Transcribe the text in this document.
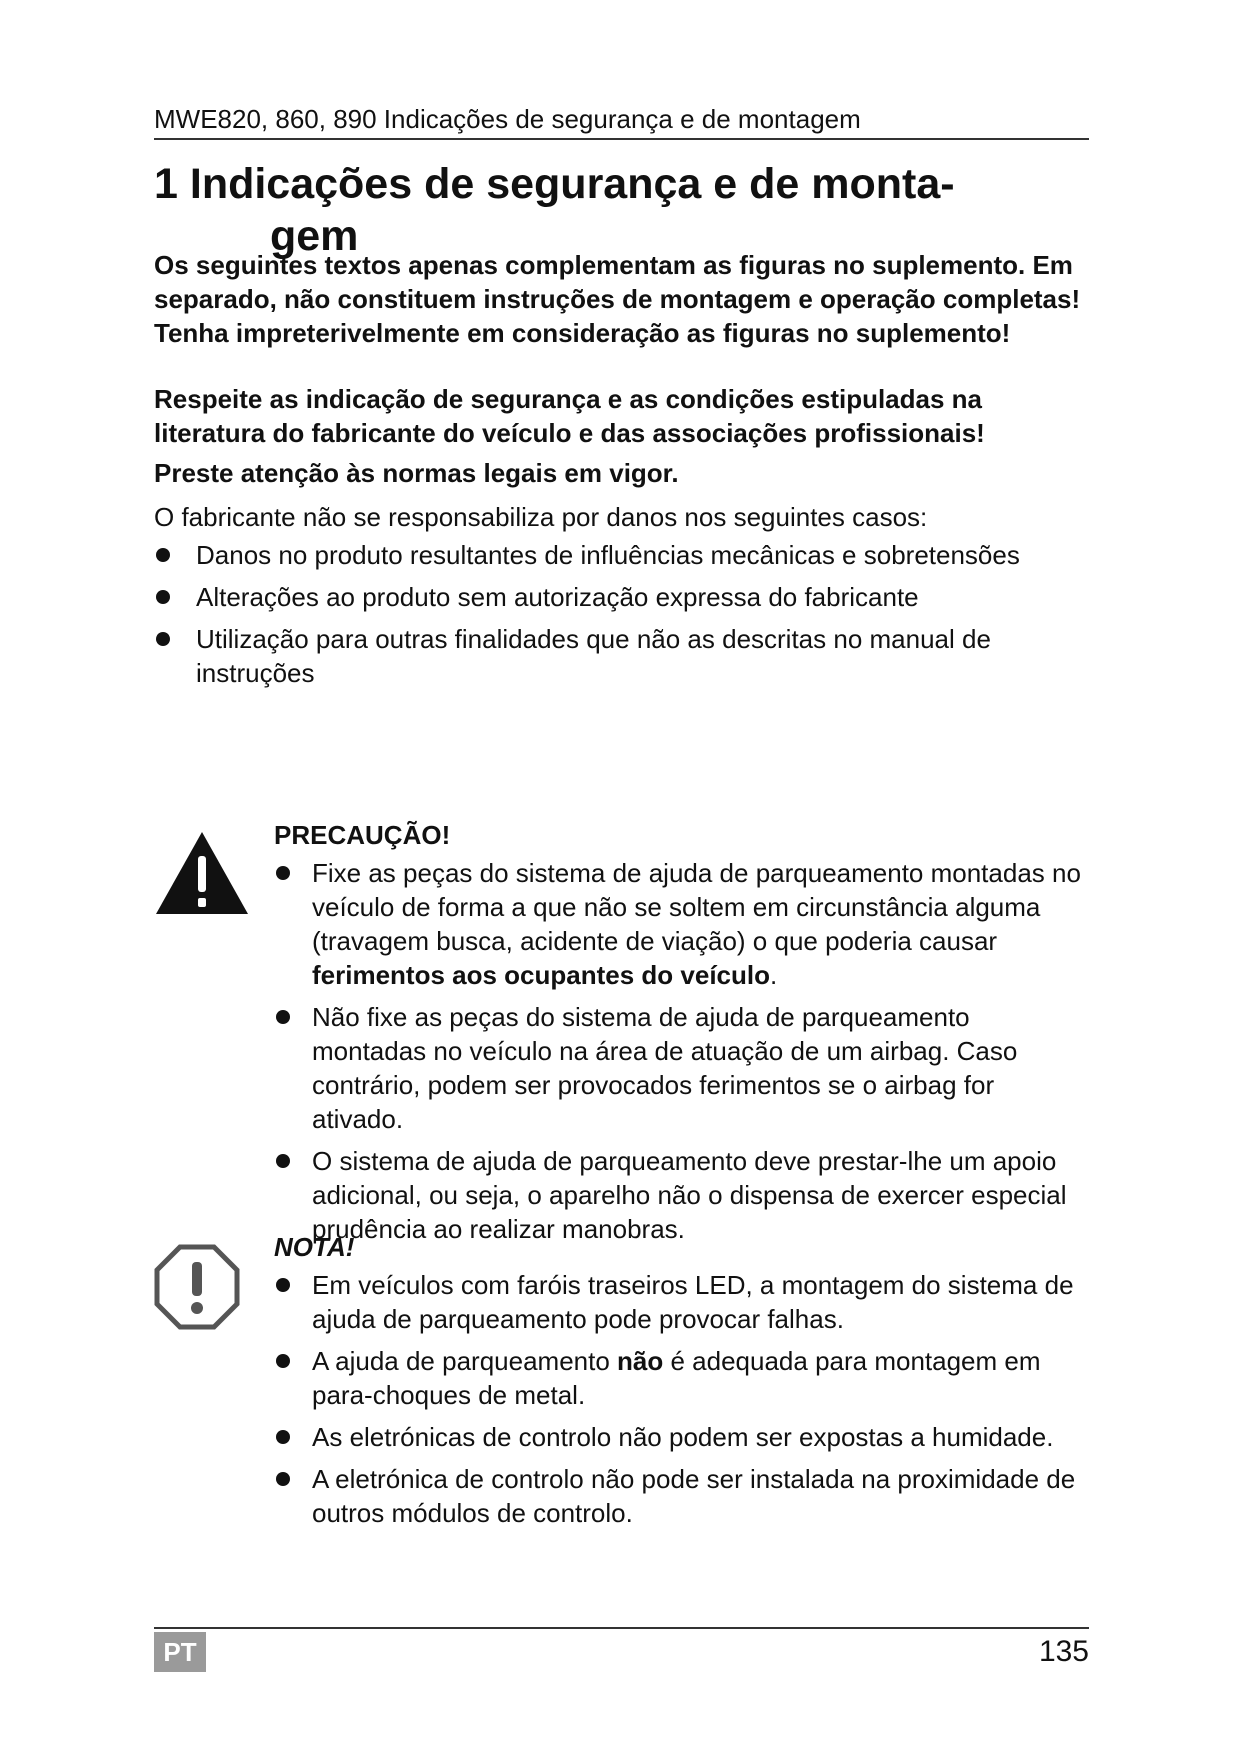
MWE820, 860, 890 Indicações de segurança e de montagem
1 Indicações de segurança e de monta-
gem
Os seguintes textos apenas complementam as figuras no suplemento. Em separado, não constituem instruções de montagem e operação completas! Tenha impreterivelmente em consideração as figuras no suplemento!
Respeite as indicação de segurança e as condições estipuladas na literatura do fabricante do veículo e das associações profissionais!
Preste atenção às normas legais em vigor.
O fabricante não se responsabiliza por danos nos seguintes casos:
Danos no produto resultantes de influências mecânicas e sobretensões
Alterações ao produto sem autorização expressa do fabricante
Utilização para outras finalidades que não as descritas no manual de instruções
PRECAUÇÃO!
Fixe as peças do sistema de ajuda de parqueamento montadas no veículo de forma a que não se soltem em circunstância alguma (travagem busca, acidente de viação) o que poderia causar ferimentos aos ocupantes do veículo.
Não fixe as peças do sistema de ajuda de parqueamento montadas no veículo na área de atuação de um airbag. Caso contrário, podem ser provocados ferimentos se o airbag for ativado.
O sistema de ajuda de parqueamento deve prestar-lhe um apoio adicional, ou seja, o aparelho não o dispensa de exercer especial prudência ao realizar manobras.
NOTA!
Em veículos com faróis traseiros LED, a montagem do sistema de ajuda de parqueamento pode provocar falhas.
A ajuda de parqueamento não é adequada para montagem em para-choques de metal.
As eletrónicas de controlo não podem ser expostas a humidade.
A eletrónica de controlo não pode ser instalada na proximidade de outros módulos de controlo.
PT	135
